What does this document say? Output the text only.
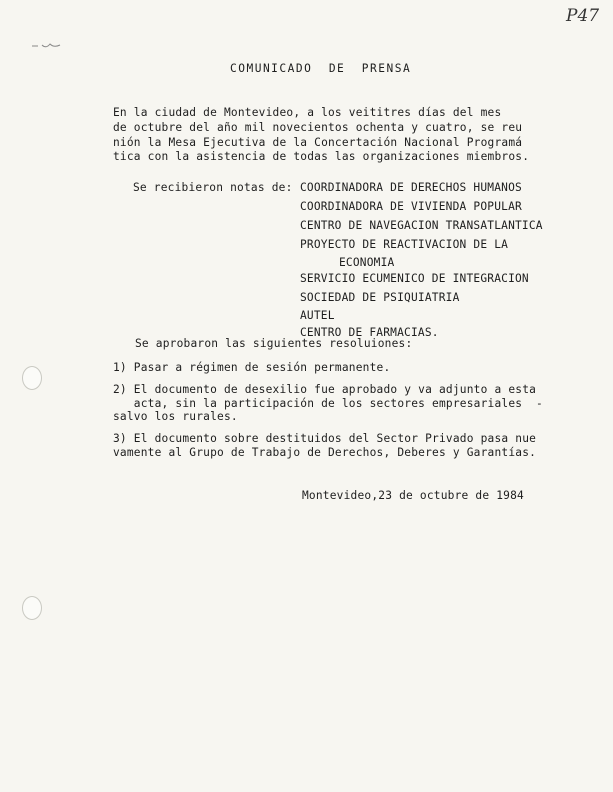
P47
COMUNICADO  DE  PRENSA
En la ciudad de Montevideo, a los veititres días del mes
de octubre del año mil novecientos ochenta y cuatro, se reu
nión la Mesa Ejecutiva de la Concertación Nacional Programá
tica con la asistencia de todas las organizaciones miembros.
Se recibieron notas de: COORDINADORA DE DERECHOS HUMANOS
COORDINADORA DE VIVIENDA POPULAR
CENTRO DE NAVEGACION TRANSATLANTICA
PROYECTO DE REACTIVACION DE LA
ECONOMIA
SERVICIO ECUMENICO DE INTEGRACION
SOCIEDAD DE PSIQUIATRIA
AUTEL
CENTRO DE FARMACIAS.
Se aprobaron las siguientes resoluiones:
1) Pasar a régimen de sesión permanente.
2) El documento de desexilio fue aprobado y va adjunto a esta
acta, sin la participación de los sectores empresariales  -
salvo los rurales.
3) El documento sobre destituidos del Sector Privado pasa nue
vamente al Grupo de Trabajo de Derechos, Deberes y Garantías.
Montevideo,23 de octubre de 1984
